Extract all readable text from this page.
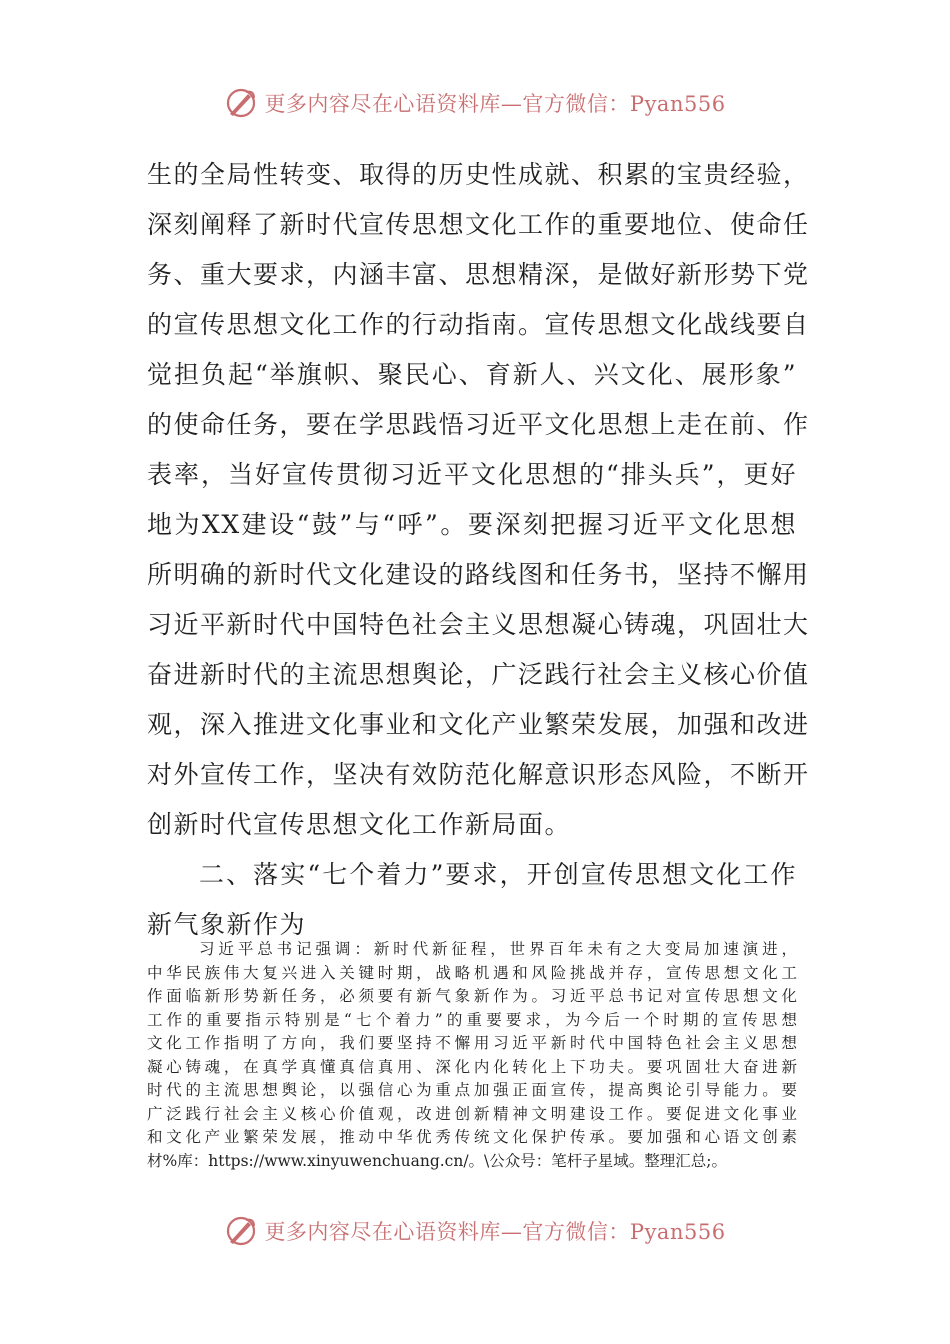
更多内容尽在心语资料库—官方微信：Pyan556
生的全局性转变、取得的历史性成就、积累的宝贵经验，
深刻阐释了新时代宣传思想文化工作的重要地位、使命任
务、重大要求，内涵丰富、思想精深，是做好新形势下党
的宣传思想文化工作的行动指南。宣传思想文化战线要自
觉担负起“举旗帜、聚民心、育新人、兴文化、展形象”
的使命任务，要在学思践悟习近平文化思想上走在前、作
表率，当好宣传贯彻习近平文化思想的“排头兵”，更好
地为XX建设“鼓”与“呼”。要深刻把握习近平文化思想
所明确的新时代文化建设的路线图和任务书，坚持不懈用
习近平新时代中国特色社会主义思想凝心铸魂，巩固壮大
奋进新时代的主流思想舆论，广泛践行社会主义核心价值
观，深入推进文化事业和文化产业繁荣发展，加强和改进
对外宣传工作，坚决有效防范化解意识形态风险，不断开
创新时代宣传思想文化工作新局面。
二、落实“七个着力”要求，开创宣传思想文化工作
新气象新作为
习近平总书记强调：新时代新征程，世界百年未有之大变局加速演进，
中华民族伟大复兴进入关键时期，战略机遇和风险挑战并存，宣传思想文化工
作面临新形势新任务，必须要有新气象新作为。习近平总书记对宣传思想文化
工作的重要指示特别是“七个着力”的重要要求，为今后一个时期的宣传思想
文化工作指明了方向，我们要坚持不懈用习近平新时代中国特色社会主义思想
凝心铸魂，在真学真懂真信真用、深化内化转化上下功夫。要巩固壮大奋进新
时代的主流思想舆论，以强信心为重点加强正面宣传，提高舆论引导能力。要
广泛践行社会主义核心价值观，改进创新精神文明建设工作。要促进文化事业
和文化产业繁荣发展，推动中华优秀传统文化保护传承。要加强和心语文创素
材%库：https://www.xinyuwenchuang.cn/。\公众号：笔杆子星域。整理汇总;。
更多内容尽在心语资料库—官方微信：Pyan556
